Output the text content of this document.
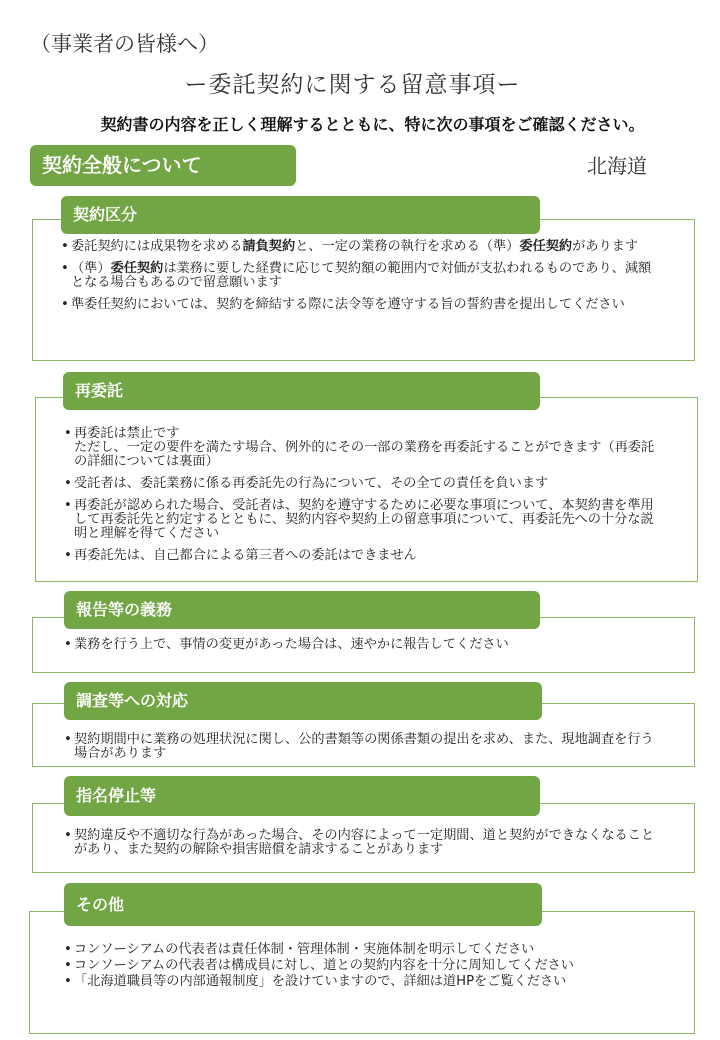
（事業者の皆様へ）
ー委託契約に関する留意事項ー
契約書の内容を正しく理解するとともに、特に次の事項をご確認ください。
契約全般について	北海道
契約区分
• 委託契約には成果物を求める請負契約と、一定の業務の執行を求める（準）委任契約があります
• （準）委任契約は業務に要した経費に応じて契約額の範囲内で対価が支払われるものであり、減額となる場合もあるので留意願います
• 準委任契約においては、契約を締結する際に法令等を遵守する旨の誓約書を提出してください
再委託
• 再委託は禁止です
ただし、一定の要件を満たす場合、例外的にその一部の業務を再委託することができます（再委託の詳細については裏面）
• 受託者は、委託業務に係る再委託先の行為について、その全ての責任を負います
• 再委託が認められた場合、受託者は、契約を遵守するために必要な事項について、本契約書を準用して再委託先と約定するとともに、契約内容や契約上の留意事項について、再委託先への十分な説明と理解を得てください
• 再委託先は、自己都合による第三者への委託はできません
報告等の義務
• 業務を行う上で、事情の変更があった場合は、速やかに報告してください
調査等への対応
• 契約期間中に業務の処理状況に関し、公的書類等の関係書類の提出を求め、また、現地調査を行う場合があります
指名停止等
• 契約違反や不適切な行為があった場合、その内容によって一定期間、道と契約ができなくなることがあり、また契約の解除や損害賠償を請求することがあります
その他
• コンソーシアムの代表者は責任体制・管理体制・実施体制を明示してください
• コンソーシアムの代表者は構成員に対し、道との契約内容を十分に周知してください
• 「北海道職員等の内部通報制度」を設けていますので、詳細は道HPをご覧ください
